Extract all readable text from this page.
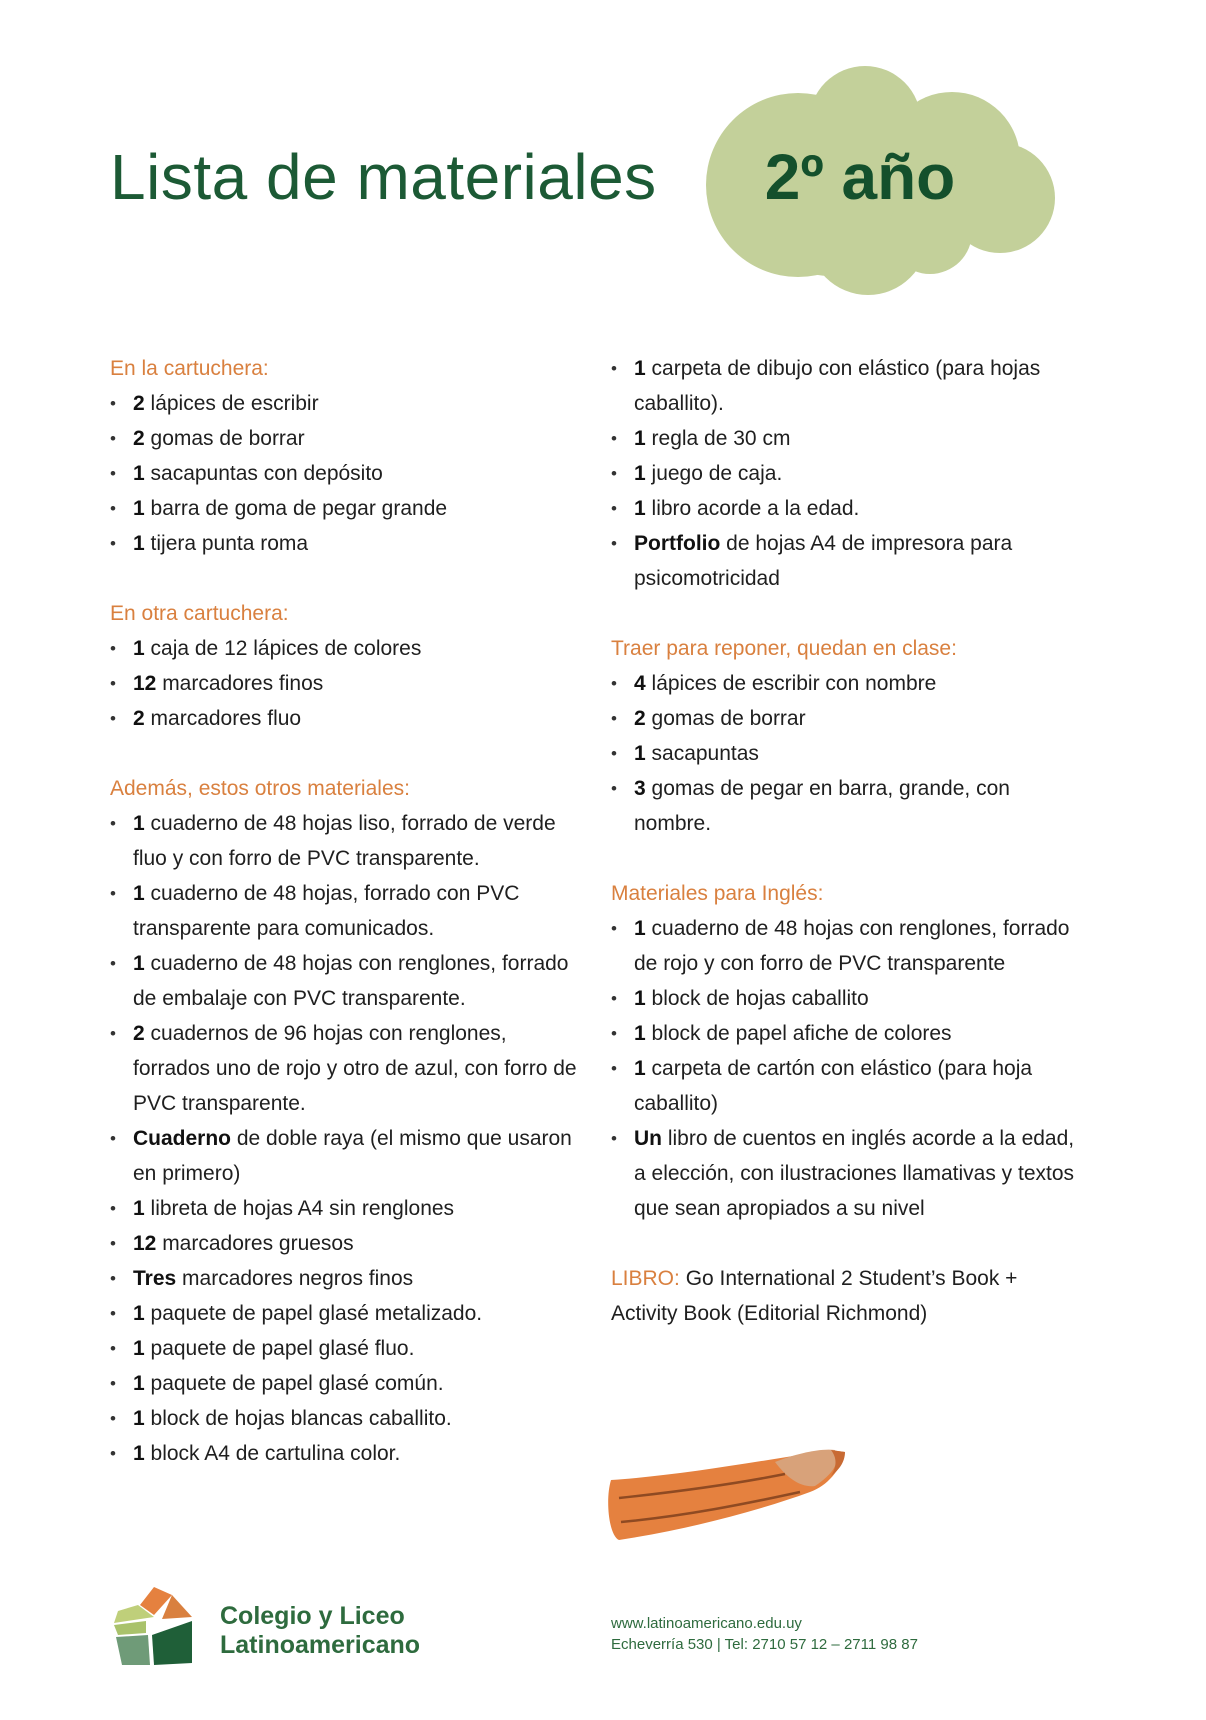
Lista de materiales	2º año
En la cartuchera:
• 2 lápices de escribir
• 2 gomas de borrar
• 1 sacapuntas con depósito
• 1 barra de goma de pegar grande
• 1 tijera punta roma
En otra cartuchera:
• 1 caja de 12 lápices de colores
• 12 marcadores finos
• 2 marcadores fluo
Además, estos otros materiales:
• 1 cuaderno de 48 hojas liso, forrado de verde fluo y con forro de PVC transparente.
• 1 cuaderno de 48 hojas, forrado con PVC transparente para comunicados.
• 1 cuaderno de 48 hojas con renglones, forrado de embalaje con PVC transparente.
• 2 cuadernos de 96 hojas con renglones, forrados uno de rojo y otro de azul, con forro de PVC transparente.
• Cuaderno de doble raya (el mismo que usaron en primero)
• 1 libreta de hojas A4 sin renglones
• 12 marcadores gruesos
• Tres marcadores negros finos
• 1 paquete de papel glasé metalizado.
• 1 paquete de papel glasé fluo.
• 1 paquete de papel glasé común.
• 1 block de hojas blancas caballito.
• 1 block A4 de cartulina color.
• 1 carpeta de dibujo con elástico (para hojas caballito).
• 1 regla de 30 cm
• 1 juego de caja.
• 1 libro acorde a la edad.
• Portfolio de hojas A4 de impresora para psicomotricidad
Traer para reponer, quedan en clase:
• 4 lápices de escribir con nombre
• 2 gomas de borrar
• 1 sacapuntas
• 3 gomas de pegar en barra, grande, con nombre.
Materiales para Inglés:
• 1 cuaderno de 48 hojas con renglones, forrado de rojo y con forro de PVC transparente
• 1 block de hojas caballito
• 1 block de papel afiche de colores
• 1 carpeta de cartón con elástico (para hoja caballito)
• Un libro de cuentos en inglés acorde a la edad, a elección, con ilustraciones llamativas y textos que sean apropiados a su nivel
LIBRO: Go International 2 Student’s Book + Activity Book (Editorial Richmond)
Colegio y Liceo
Latinoamericano
www.latinoamericano.edu.uy
Echeverría 530 | Tel: 2710 57 12 – 2711 98 87
